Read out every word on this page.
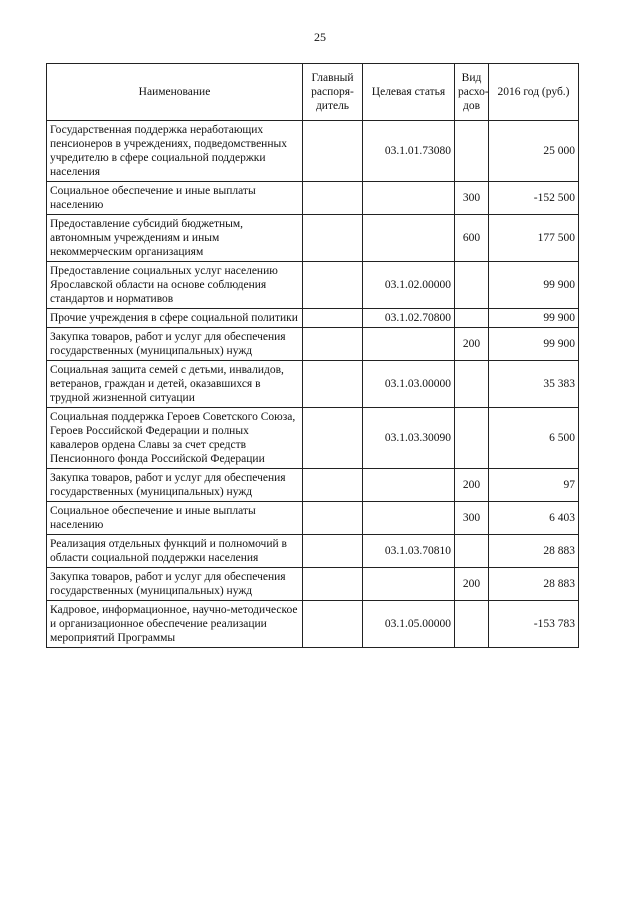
25
Наименование	Главный распоря-дитель	Целевая статья	Вид расхо-дов	2016 год (руб.)
Государственная поддержка неработающих пенсионеров в учреждениях, подведомственных учредителю в сфере социальной поддержки населения		03.1.01.73080		25 000
Социальное обеспечение и иные выплаты населению			300	-152 500
Предоставление субсидий бюджетным, автономным учреждениям и иным некоммерческим организациям			600	177 500
Предоставление социальных услуг населению Ярославской области на основе соблюдения стандартов и нормативов		03.1.02.00000		99 900
Прочие учреждения в сфере социальной политики		03.1.02.70800		99 900
Закупка товаров, работ и услуг для обеспечения государственных (муниципальных) нужд			200	99 900
Социальная защита семей с детьми, инвалидов, ветеранов, граждан и детей, оказавшихся в трудной жизненной ситуации		03.1.03.00000		35 383
Социальная поддержка Героев Советского Союза, Героев Российской Федерации и полных кавалеров ордена Славы за счет средств Пенсионного фонда Российской Федерации		03.1.03.30090		6 500
Закупка товаров, работ и услуг для обеспечения государственных (муниципальных) нужд			200	97
Социальное обеспечение и иные выплаты населению			300	6 403
Реализация отдельных функций и полномочий в области социальной поддержки населения		03.1.03.70810		28 883
Закупка товаров, работ и услуг для обеспечения государственных (муниципальных) нужд			200	28 883
Кадровое, информационное, научно-методическое и организационное обеспечение реализации мероприятий Программы		03.1.05.00000		-153 783
